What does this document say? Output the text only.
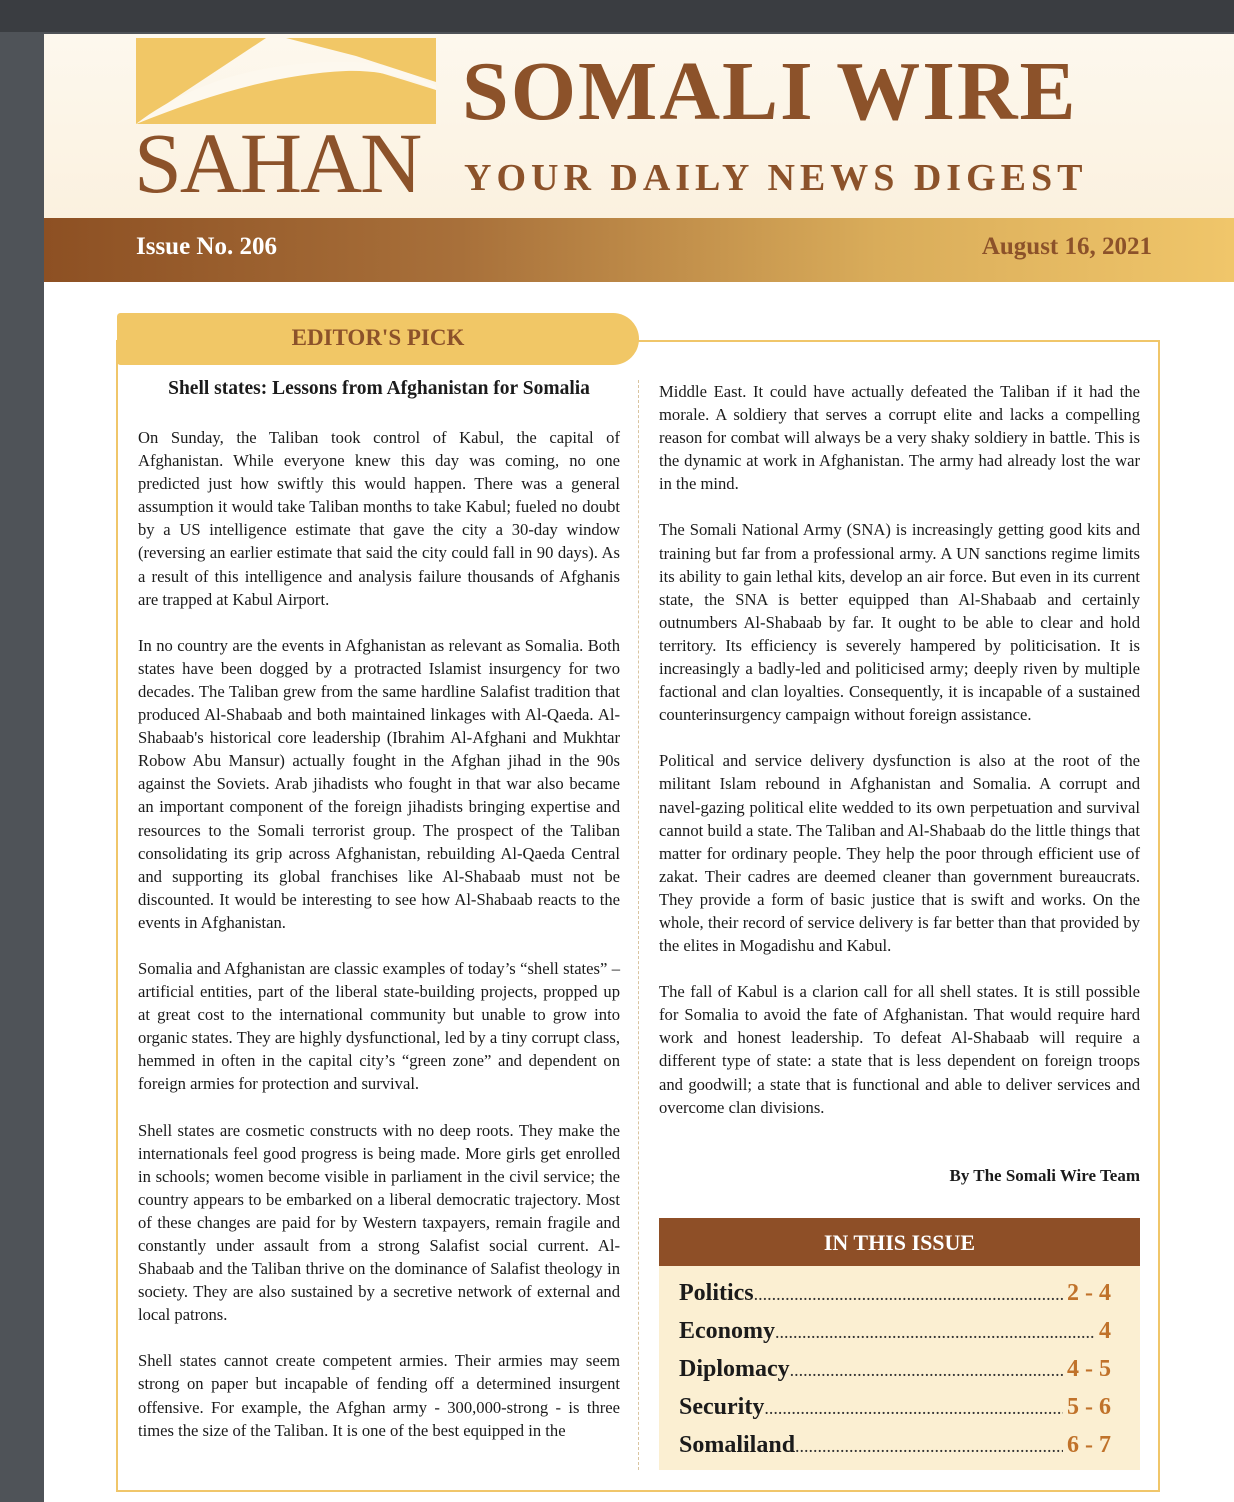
SAHAN
SOMALI WIRE
YOUR DAILY NEWS DIGEST
Issue No. 206	August 16, 2021
EDITOR'S PICK
Shell states: Lessons from Afghanistan for Somalia

On Sunday, the Taliban took control of Kabul, the capital of Afghanistan. While everyone knew this day was coming, no one predicted just how swiftly this would happen. There was a general assumption it would take Taliban months to take Kabul; fueled no doubt by a US intelligence estimate that gave the city a 30-day window (reversing an earlier estimate that said the city could fall in 90 days). As a result of this intelligence and analysis failure thousands of Afghanis are trapped at Kabul Airport.

In no country are the events in Afghanistan as relevant as Somalia. Both states have been dogged by a protracted Islamist insurgency for two decades. The Taliban grew from the same hardline Salafist tradition that produced Al-Shabaab and both maintained linkages with Al-Qaeda. Al-Shabaab's historical core leadership (Ibrahim Al-Afghani and Mukhtar Robow Abu Mansur) actually fought in the Afghan jihad in the 90s against the Soviets. Arab jihadists who fought in that war also became an important component of the foreign jihadists bringing expertise and resources to the Somali terrorist group. The prospect of the Taliban consolidating its grip across Afghanistan, rebuilding Al-Qaeda Central and supporting its global franchises like Al-Shabaab must not be discounted. It would be interesting to see how Al-Shabaab reacts to the events in Afghanistan.

Somalia and Afghanistan are classic examples of today’s “shell states” – artificial entities, part of the liberal state-building projects, propped up at great cost to the international community but unable to grow into organic states. They are highly dysfunctional, led by a tiny corrupt class, hemmed in often in the capital city’s “green zone” and dependent on foreign armies for protection and survival.

Shell states are cosmetic constructs with no deep roots. They make the internationals feel good progress is being made. More girls get enrolled in schools; women become visible in parliament in the civil service; the country appears to be embarked on a liberal democratic trajectory. Most of these changes are paid for by Western taxpayers, remain fragile and constantly under assault from a strong Salafist social current. Al-Shabaab and the Taliban thrive on the dominance of Salafist theology in society. They are also sustained by a secretive network of external and local patrons.

Shell states cannot create competent armies. Their armies may seem strong on paper but incapable of fending off a determined insurgent offensive. For example, the Afghan army - 300,000-strong - is three times the size of the Taliban. It is one of the best equipped in the

Middle East. It could have actually defeated the Taliban if it had the morale. A soldiery that serves a corrupt elite and lacks a compelling reason for combat will always be a very shaky soldiery in battle. This is the dynamic at work in Afghanistan. The army had already lost the war in the mind.

The Somali National Army (SNA) is increasingly getting good kits and training but far from a professional army. A UN sanctions regime limits its ability to gain lethal kits, develop an air force. But even in its current state, the SNA is better equipped than Al-Shabaab and certainly outnumbers Al-Shabaab by far. It ought to be able to clear and hold territory. Its efficiency is severely hampered by politicisation. It is increasingly a badly-led and politicised army; deeply riven by multiple factional and clan loyalties. Consequently, it is incapable of a sustained counterinsurgency campaign without foreign assistance.

Political and service delivery dysfunction is also at the root of the militant Islam rebound in Afghanistan and Somalia. A corrupt and navel-gazing political elite wedded to its own perpetuation and survival cannot build a state. The Taliban and Al-Shabaab do the little things that matter for ordinary people. They help the poor through efficient use of zakat. Their cadres are deemed cleaner than government bureaucrats. They provide a form of basic justice that is swift and works. On the whole, their record of service delivery is far better than that provided by the elites in Mogadishu and Kabul.

The fall of Kabul is a clarion call for all shell states. It is still possible for Somalia to avoid the fate of Afghanistan. That would require hard work and honest leadership. To defeat Al-Shabaab will require a different type of state: a state that is less dependent on foreign troops and goodwill; a state that is functional and able to deliver services and overcome clan divisions.

By The Somali Wire Team
IN THIS ISSUE
Politics .....	2 - 4
Economy .....	4
Diplomacy .....	4 - 5
Security .....	5 - 6
Somaliland .....	6 - 7
